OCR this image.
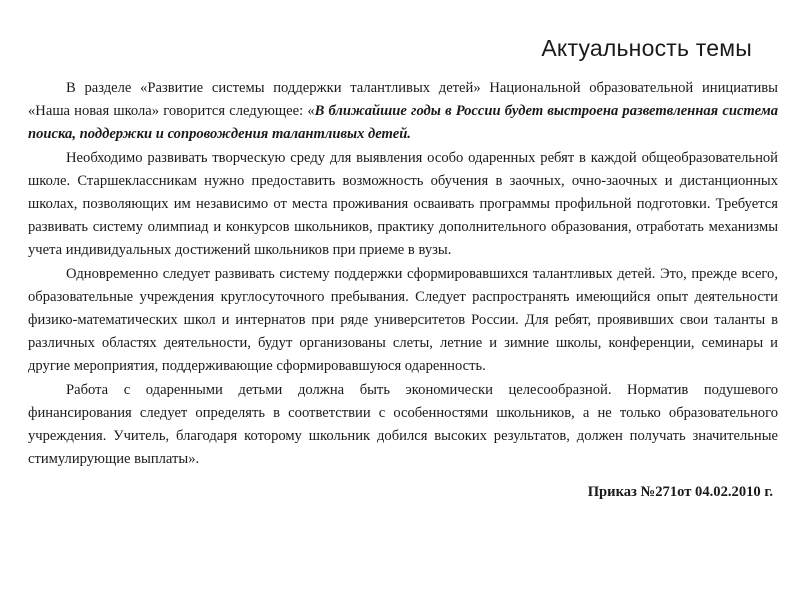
Актуальность темы

В разделе «Развитие системы поддержки талантливых детей» Национальной образовательной инициативы «Наша новая школа» говорится следующее: «В ближайшие годы в России будет выстроена разветвленная система поиска, поддержки и сопровождения талантливых детей.

Необходимо развивать творческую среду для выявления особо одаренных ребят в каждой общеобразовательной школе. Старшеклассникам нужно предоставить возможность обучения в заочных, очно-заочных и дистанционных школах, позволяющих им независимо от места проживания осваивать программы профильной подготовки. Требуется развивать систему олимпиад и конкурсов школьников, практику дополнительного образования, отработать механизмы учета индивидуальных достижений школьников при приеме в вузы.

Одновременно следует развивать систему поддержки сформировавшихся талантливых детей. Это, прежде всего, образовательные учреждения круглосуточного пребывания. Следует распространять имеющийся опыт деятельности физико-математических школ и интернатов при ряде университетов России. Для ребят, проявивших свои таланты в различных областях деятельности, будут организованы слеты, летние и зимние школы, конференции, семинары и другие мероприятия, поддерживающие сформировавшуюся одаренность.

Работа с одаренными детьми должна быть экономически целесообразной. Норматив подушевого финансирования следует определять в соответствии с особенностями школьников, а не только образовательного учреждения. Учитель, благодаря которому школьник добился высоких результатов, должен получать значительные стимулирующие выплаты».

Приказ №271от 04.02.2010 г.
